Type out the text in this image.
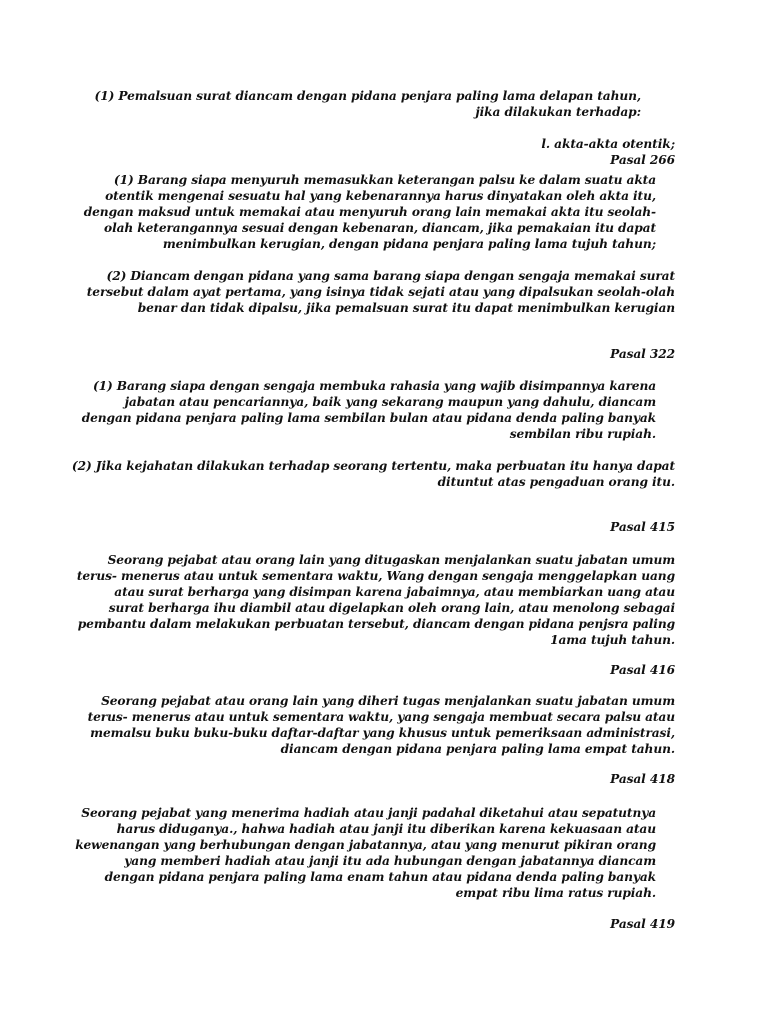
(1) Pemalsuan surat diancam dengan pidana penjara paling lama delapan tahun,
jika dilakukan terhadap:
l. akta-akta otentik;
Pasal 266
(1) Barang siapa menyuruh memasukkan keterangan palsu ke dalam suatu akta
otentik mengenai sesuatu hal yang kebenarannya harus dinyatakan oleh akta itu,
dengan maksud untuk memakai atau menyuruh orang lain memakai akta itu seolah-
olah keterangannya sesuai dengan kebenaran, diancam, jika pemakaian itu dapat
menimbulkan kerugian, dengan pidana penjara paling lama tujuh tahun;
(2) Diancam dengan pidana yang sama barang siapa dengan sengaja memakai surat
tersebut dalam ayat pertama, yang isinya tidak sejati atau yang dipalsukan seolah-olah
benar dan tidak dipalsu, jika pemalsuan surat itu dapat menimbulkan kerugian
Pasal 322
(1) Barang siapa dengan sengaja membuka rahasia yang wajib disimpannya karena
jabatan atau pencariannya, baik yang sekarang maupun yang dahulu, diancam
dengan pidana penjara paling lama sembilan bulan atau pidana denda paling banyak
sembilan ribu rupiah.
(2) Jika kejahatan dilakukan terhadap seorang tertentu, maka perbuatan itu hanya dapat
dituntut atas pengaduan orang itu.
Pasal 415
Seorang pejabat atau orang lain yang ditugaskan menjalankan suatu jabatan umum
terus- menerus atau untuk sementara waktu, Wang dengan sengaja menggelapkan uang
atau surat berharga yang disimpan karena jabaimnya, atau membiarkan uang atau
surat berharga ihu diambil atau digelapkan oleh orang lain, atau menolong sebagai
pembantu dalam melakukan perbuatan tersebut, diancam dengan pidana penjsra paling
1ama tujuh tahun.
Pasal 416
Seorang pejabat atau orang lain yang diheri tugas menjalankan suatu jabatan umum
terus- menerus atau untuk sementara waktu, yang sengaja membuat secara palsu atau
memalsu buku buku-buku daftar-daftar yang khusus untuk pemeriksaan administrasi,
diancam dengan pidana penjara paling lama empat tahun.
Pasal 418
Seorang pejabat yang menerima hadiah atau janji padahal diketahui atau sepatutnya
harus diduganya., hahwa hadiah atau janji itu diberikan karena kekuasaan atau
kewenangan yang berhubungan dengan jabatannya, atau yang menurut pikiran orang
yang memberi hadiah atau janji itu ada hubungan dengan jabatannya diancam
dengan pidana penjara paling lama enam tahun atau pidana denda paling banyak
empat ribu lima ratus rupiah.
Pasal 419
